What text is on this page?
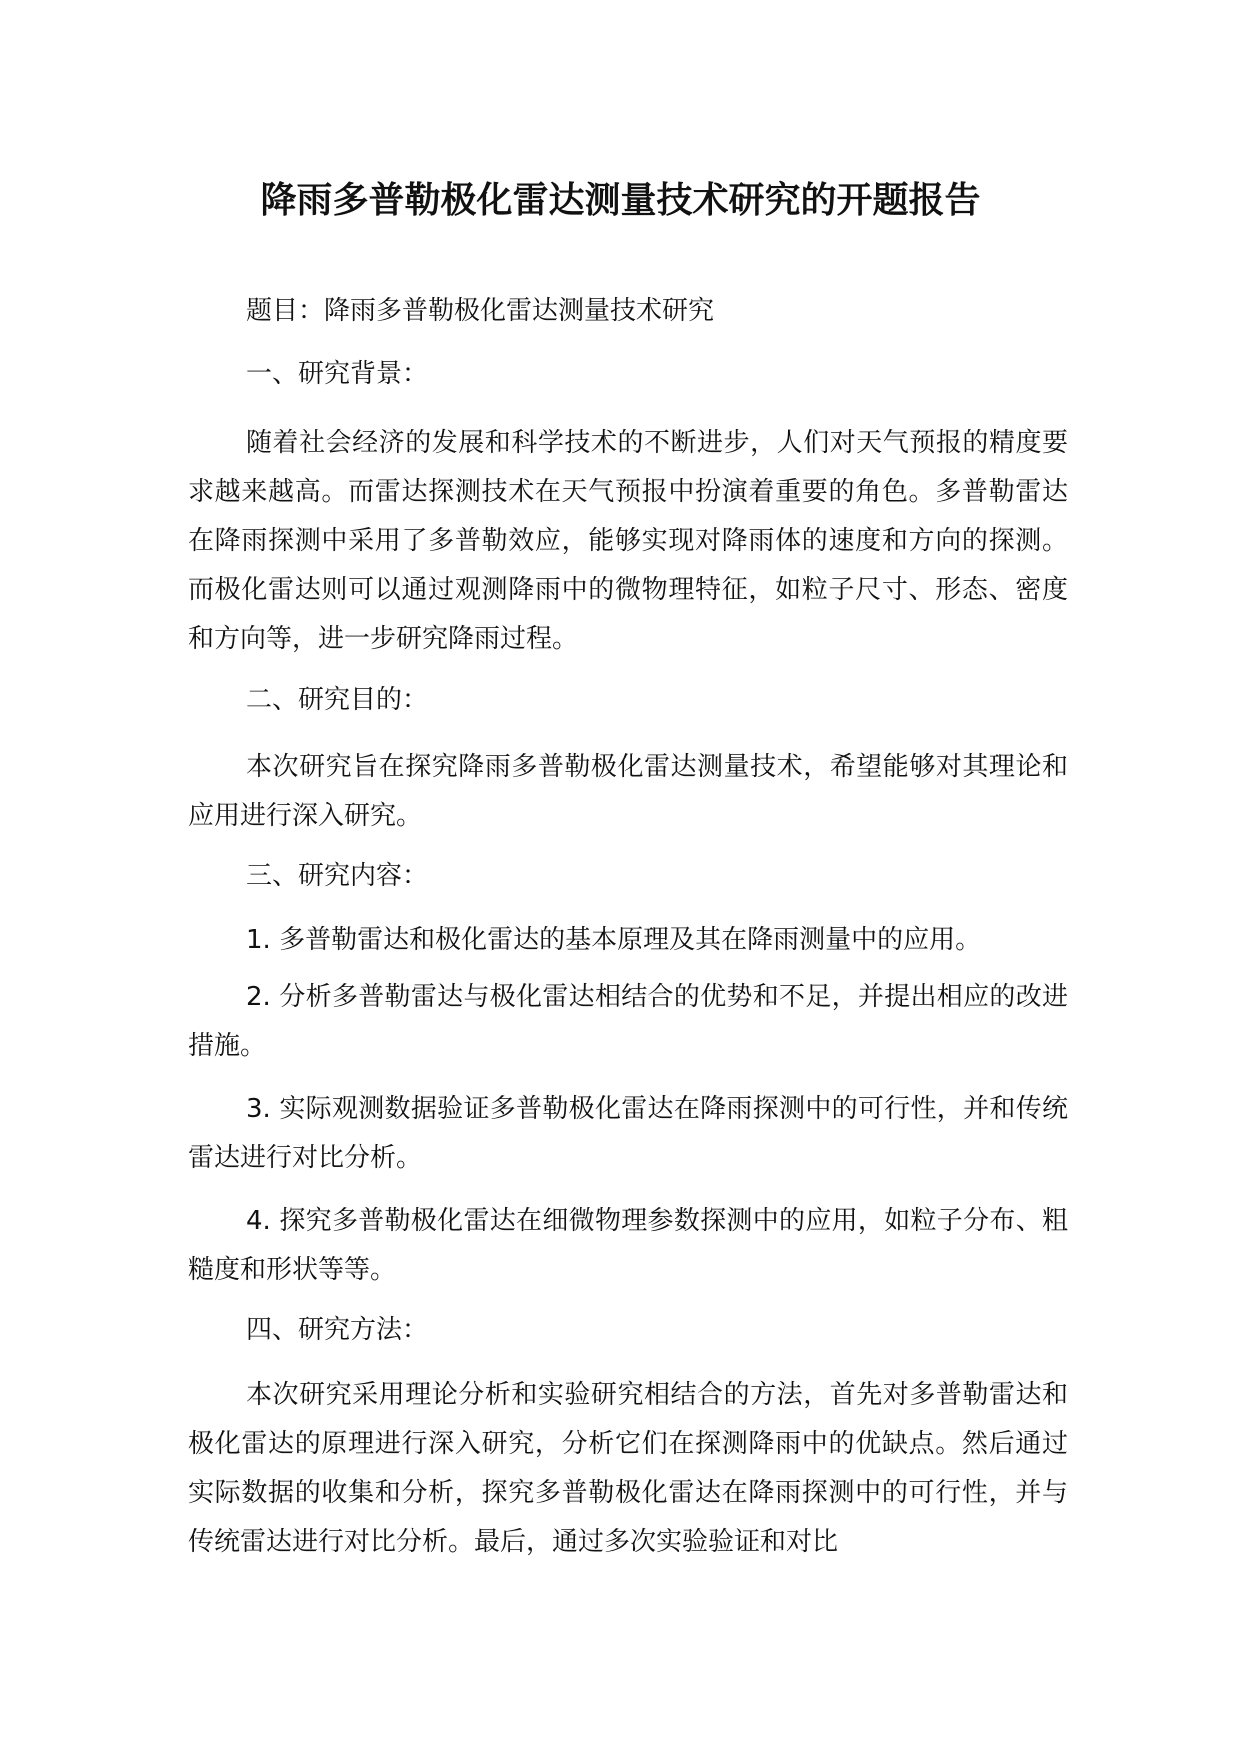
降雨多普勒极化雷达测量技术研究的开题报告

题目：降雨多普勒极化雷达测量技术研究

一、研究背景：

随着社会经济的发展和科学技术的不断进步，人们对天气预报的精度要求越来越高。而雷达探测技术在天气预报中扮演着重要的角色。多普勒雷达在降雨探测中采用了多普勒效应，能够实现对降雨体的速度和方向的探测。而极化雷达则可以通过观测降雨中的微物理特征，如粒子尺寸、形态、密度和方向等，进一步研究降雨过程。

二、研究目的：

本次研究旨在探究降雨多普勒极化雷达测量技术，希望能够对其理论和应用进行深入研究。

三、研究内容：

1. 多普勒雷达和极化雷达的基本原理及其在降雨测量中的应用。

2. 分析多普勒雷达与极化雷达相结合的优势和不足，并提出相应的改进措施。

3. 实际观测数据验证多普勒极化雷达在降雨探测中的可行性，并和传统雷达进行对比分析。

4. 探究多普勒极化雷达在细微物理参数探测中的应用，如粒子分布、粗糙度和形状等等。

四、研究方法：

本次研究采用理论分析和实验研究相结合的方法，首先对多普勒雷达和极化雷达的原理进行深入研究，分析它们在探测降雨中的优缺点。然后通过实际数据的收集和分析，探究多普勒极化雷达在降雨探测中的可行性，并与传统雷达进行对比分析。最后，通过多次实验验证和对比
